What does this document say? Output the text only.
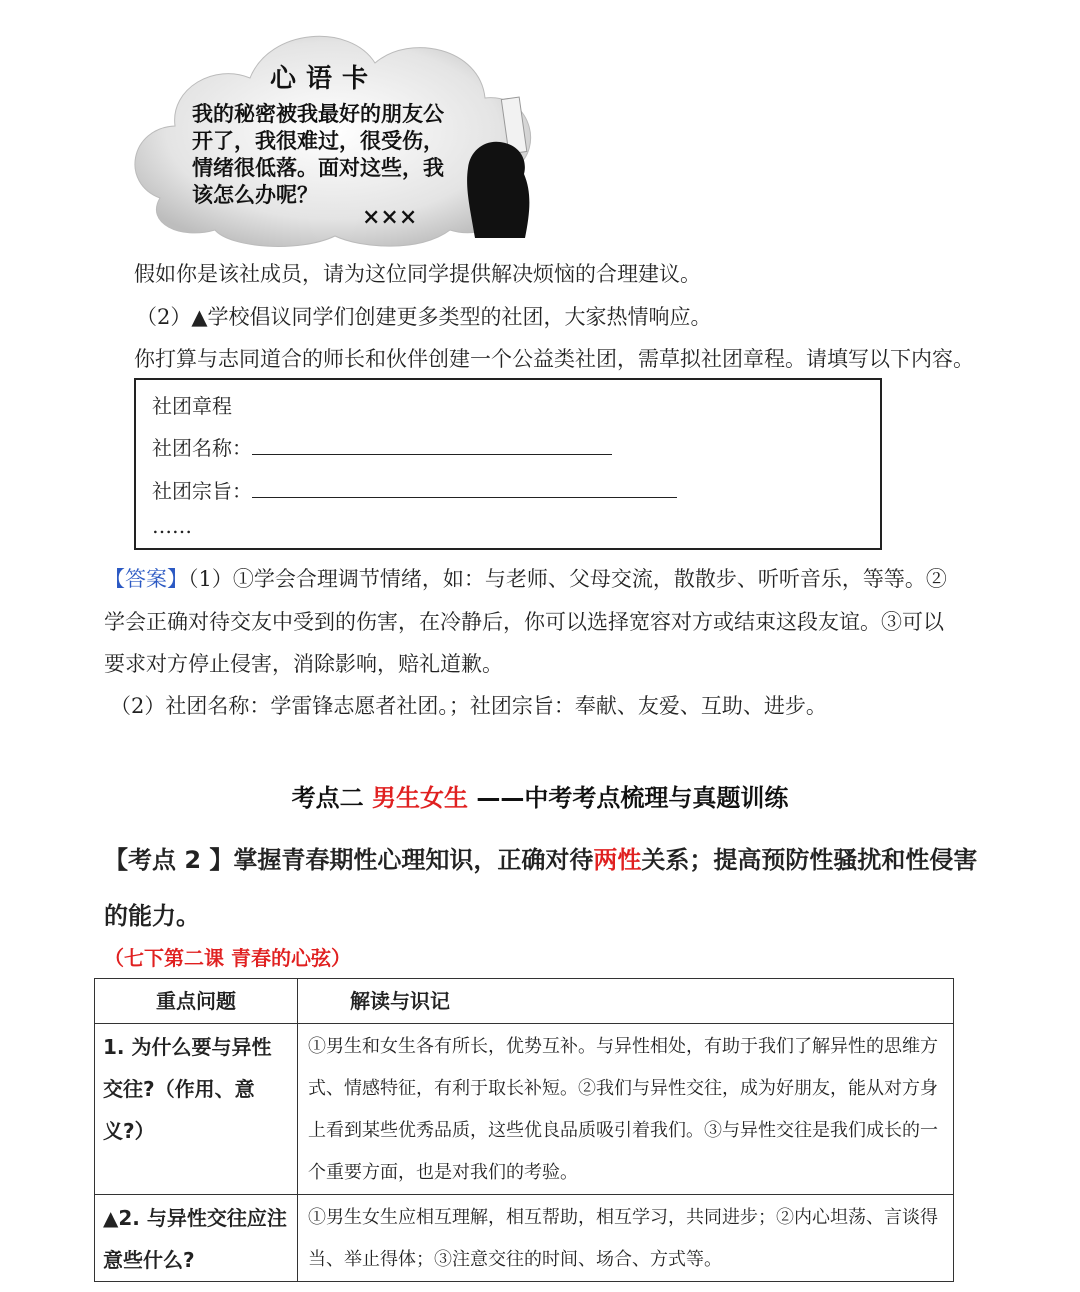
心语卡
我的秘密被我最好的朋友公开了，我很难过，很受伤，情绪很低落。面对这些，我该怎么办呢？
×××
假如你是该社成员，请为这位同学提供解决烦恼的合理建议。
（2）▲学校倡议同学们创建更多类型的社团，大家热情响应。
你打算与志同道合的师长和伙伴创建一个公益类社团，需草拟社团章程。请填写以下内容。
社团章程
社团名称：
社团宗旨：
……
【答案】（1）①学会合理调节情绪，如：与老师、父母交流，散散步、听听音乐，等等。②
学会正确对待交友中受到的伤害，在冷静后，你可以选择宽容对方或结束这段友谊。③可以
要求对方停止侵害，消除影响，赔礼道歉。
（2）社团名称：学雷锋志愿者社团。；社团宗旨：奉献、友爱、互助、进步。
考点二 男生女生 ——中考考点梳理与真题训练
【考点 2 】掌握青春期性心理知识，正确对待两性关系；提高预防性骚扰和性侵害的能力。
（七下第二课 青春的心弦）
重点问题	解读与识记
1. 为什么要与异性交往?（作用、意义?）	①男生和女生各有所长，优势互补。与异性相处，有助于我们了解异性的思维方式、情感特征，有利于取长补短。②我们与异性交往，成为好朋友，能从对方身上看到某些优秀品质，这些优良品质吸引着我们。③与异性交往是我们成长的一个重要方面，也是对我们的考验。
▲2. 与异性交往应注意些什么?	①男生女生应相互理解，相互帮助，相互学习，共同进步；②内心坦荡、言谈得当、举止得体；③注意交往的时间、场合、方式等。
